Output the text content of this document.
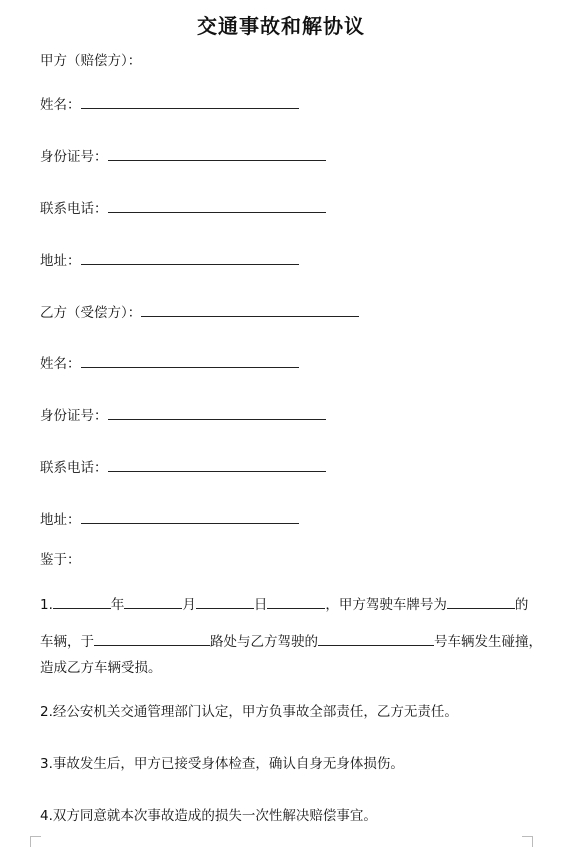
交通事故和解协议
甲方（赔偿方）：
姓名：
身份证号：
联系电话：
地址：
乙方（受偿方）：
姓名：
身份证号：
联系电话：
地址：
鉴于：
1.	年	月	日	，甲方驾驶车牌号为	的
车辆，于	路处与乙方驾驶的	号车辆发生碰撞，
造成乙方车辆受损。
2.经公安机关交通管理部门认定，甲方负事故全部责任，乙方无责任。
3.事故发生后，甲方已接受身体检查，确认自身无身体损伤。
4.双方同意就本次事故造成的损失一次性解决赔偿事宜。
